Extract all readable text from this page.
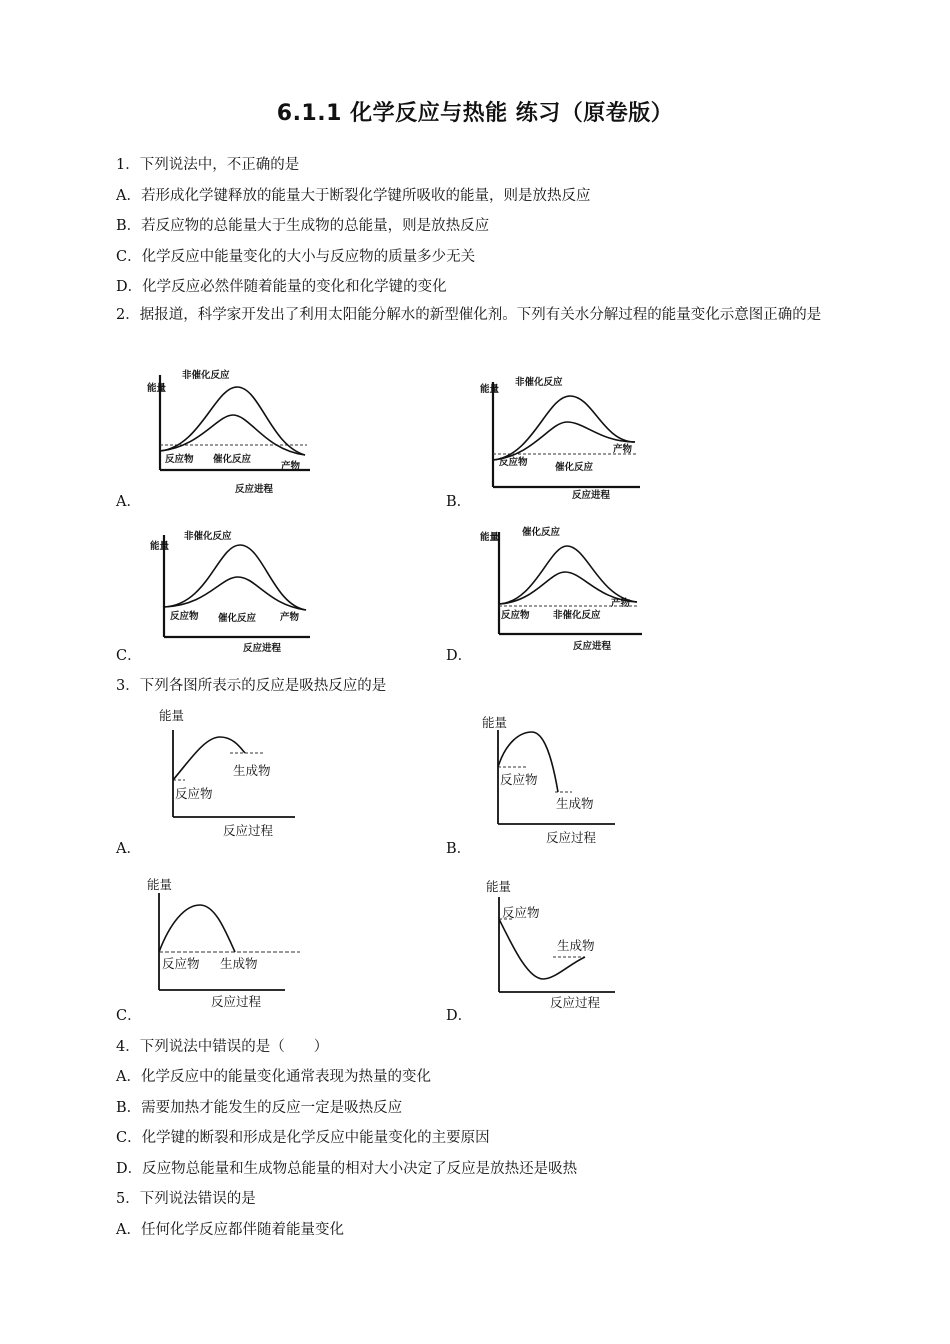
6.1.1 化学反应与热能 练习（原卷版）
1．下列说法中，不正确的是
A．若形成化学键释放的能量大于断裂化学键所吸收的能量，则是放热反应
B．若反应物的总能量大于生成物的总能量，则是放热反应
C．化学反应中能量变化的大小与反应物的质量多少无关
D．化学反应必然伴随着能量的变化和化学键的变化
2．据报道，科学家开发出了利用太阳能分解水的新型催化剂。下列有关水分解过程的能量变化示意图正确的是
能量
非催化反应
反应物 催化反应
产物
反应进程
A．
能量
非催化反应
反应物	催化反应
产物
反应进程
B．
能量
非催化反应
反应物 催化反应	产物
反应进程
C．
能量 催化反应
反应物 非催化反应
产物
反应进程
D．
3．下列各图所表示的反应是吸热反应的是
能量
反应物
生成物
反应过程
A．
能量
反应物
生成物
反应过程
B．
能量
反应物 生成物
反应过程
C．
能量
反应物
生成物
反应过程
D．
4．下列说法中错误的是（　　）
A．化学反应中的能量变化通常表现为热量的变化
B．需要加热才能发生的反应一定是吸热反应
C．化学键的断裂和形成是化学反应中能量变化的主要原因
D．反应物总能量和生成物总能量的相对大小决定了反应是放热还是吸热
5．下列说法错误的是
A．任何化学反应都伴随着能量变化
